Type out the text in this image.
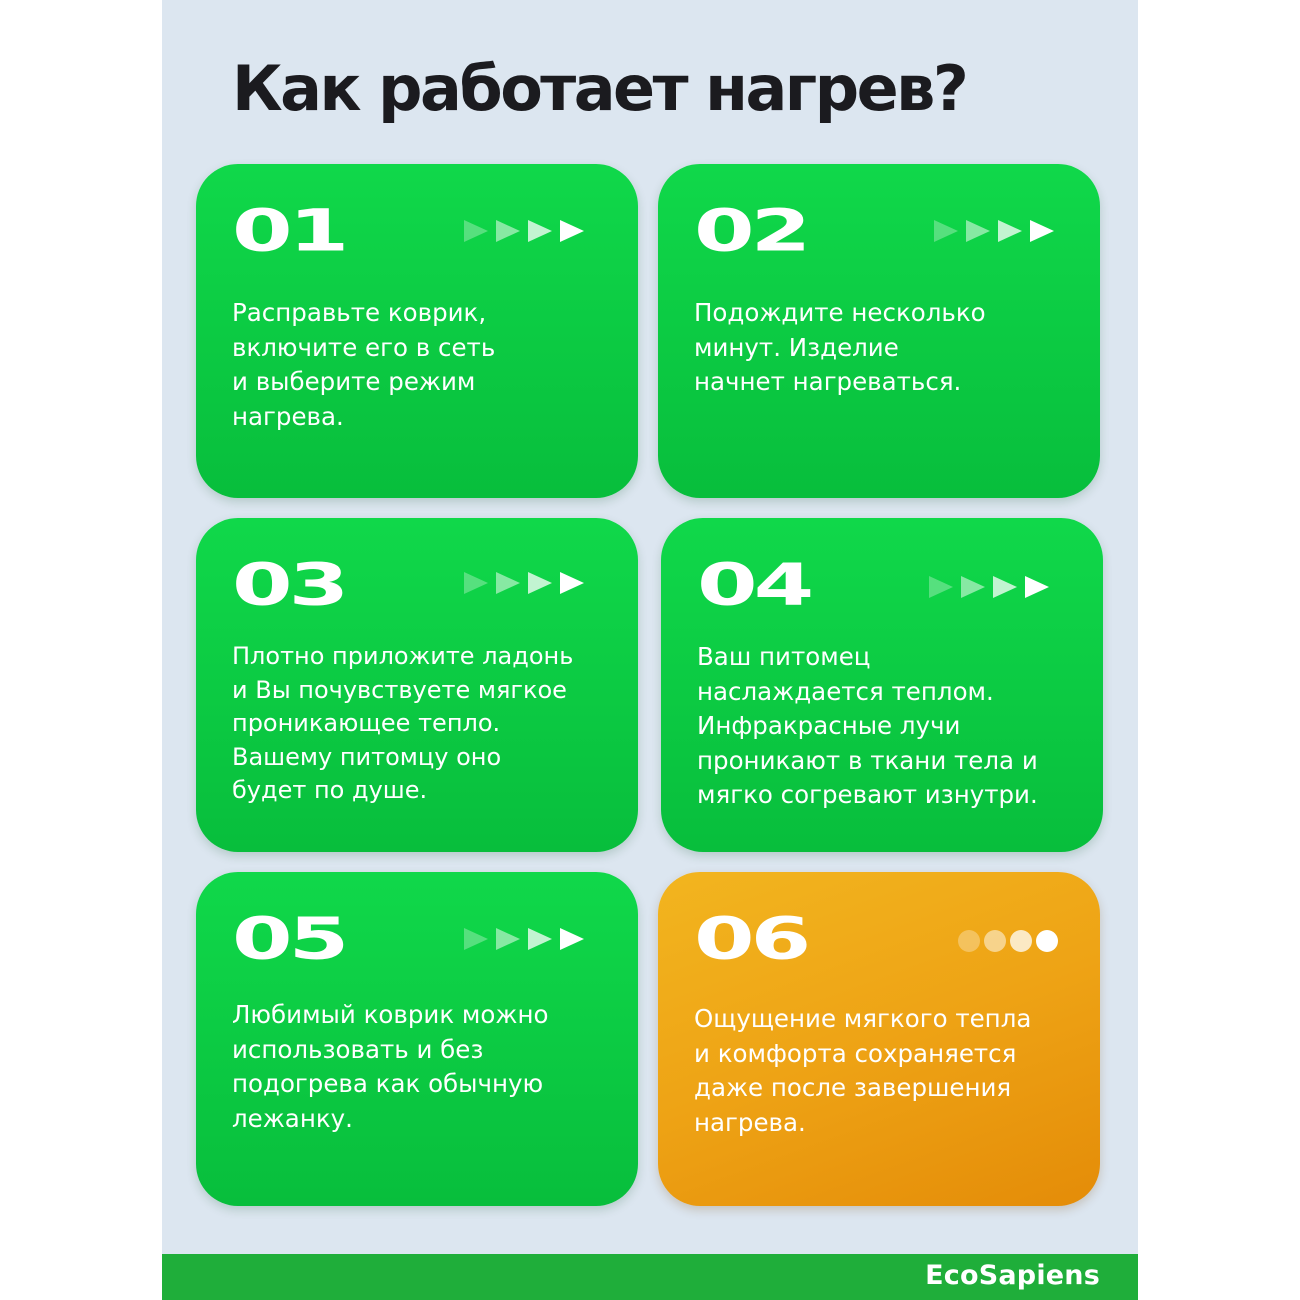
Как работает нагрев?
01
Расправьте коврик,
включите его в сеть
и выберите режим
нагрева.
02
Подождите несколько
минут. Изделие
начнет нагреваться.
03
Плотно приложите ладонь
и Вы почувствуете мягкое
проникающее тепло.
Вашему питомцу оно
будет по душе.
04
Ваш питомец
наслаждается теплом.
Инфракрасные лучи
проникают в ткани тела и
мягко согревают изнутри.
05
Любимый коврик можно
использовать и без
подогрева как обычную
лежанку.
06
Ощущение мягкого тепла
и комфорта сохраняется
даже после завершения
нагрева.
EcoSapiens
